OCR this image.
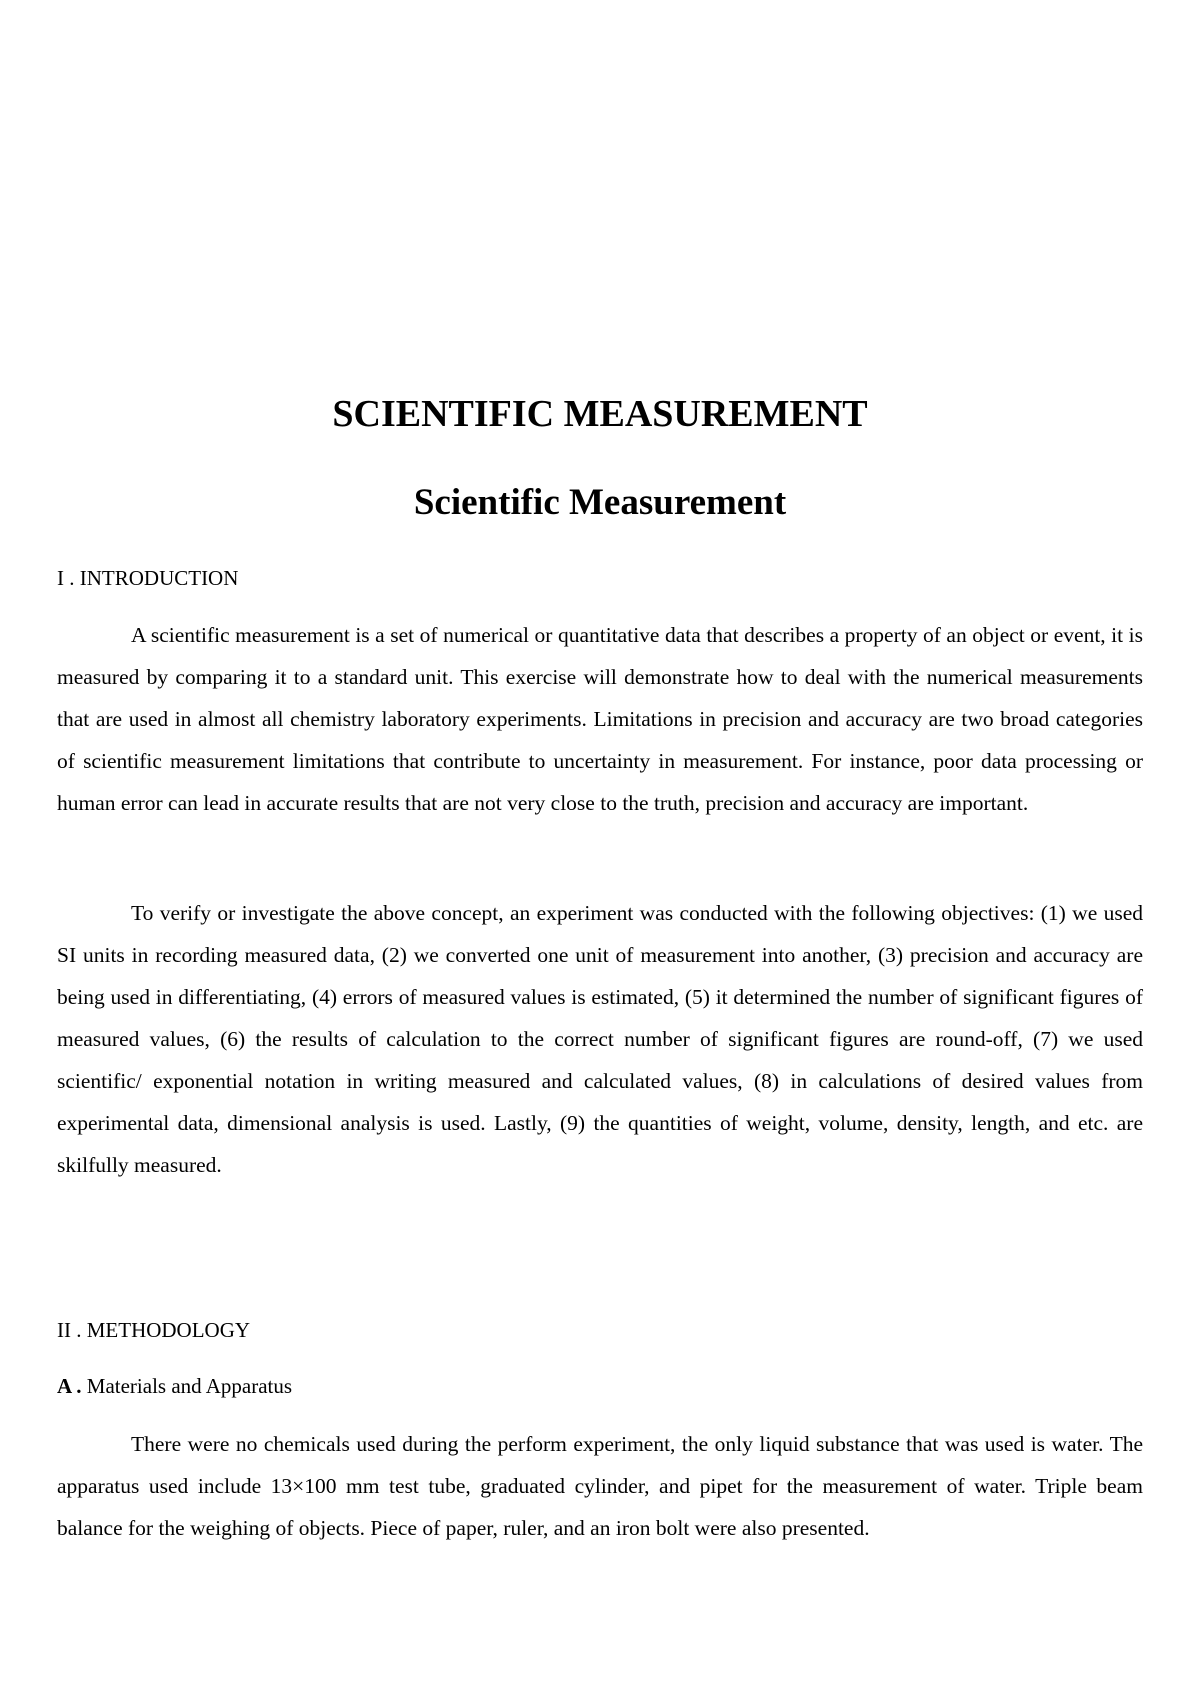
SCIENTIFIC MEASUREMENT
Scientific Measurement
I . INTRODUCTION

A scientific measurement is a set of numerical or quantitative data that describes a property of an object or event, it is measured by comparing it to a standard unit. This exercise will demonstrate how to deal with the numerical measurements that are used in almost all chemistry laboratory experiments. Limitations in precision and accuracy are two broad categories of scientific measurement limitations that contribute to uncertainty in measurement. For instance, poor data processing or human error can lead in accurate results that are not very close to the truth, precision and accuracy are important.

To verify or investigate the above concept, an experiment was conducted with the following objectives: (1) we used SI units in recording measured data, (2) we converted one unit of measurement into another, (3) precision and accuracy are being used in differentiating, (4) errors of measured values is estimated, (5) it determined the number of significant figures of measured values, (6) the results of calculation to the correct number of significant figures are round-off, (7) we used scientific/ exponential notation in writing measured and calculated values, (8) in calculations of desired values from experimental data, dimensional analysis is used. Lastly, (9) the quantities of weight, volume, density, length, and etc. are skilfully measured.

II . METHODOLOGY
A . Materials and Apparatus

There were no chemicals used during the perform experiment, the only liquid substance that was used is water. The apparatus used include 13×100 mm test tube, graduated cylinder, and pipet for the measurement of water. Triple beam balance for the weighing of objects. Piece of paper, ruler, and an iron bolt were also presented.
